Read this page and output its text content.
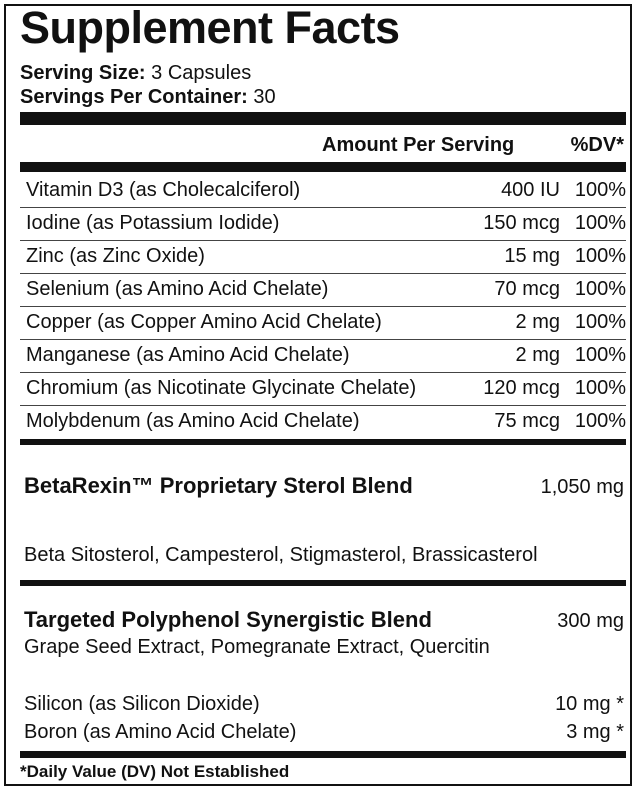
Supplement Facts
Serving Size: 3 Capsules
Servings Per Container: 30
Amount Per Serving	%DV*
Vitamin D3 (as Cholecalciferol)	400 IU 100%
Iodine (as Potassium Iodide)	150 mcg 100%
Zinc (as Zinc Oxide)	15 mg 100%
Selenium (as Amino Acid Chelate)	70 mcg 100%
Copper (as Copper Amino Acid Chelate)	2 mg 100%
Manganese (as Amino Acid Chelate)	2 mg 100%
Chromium (as Nicotinate Glycinate Chelate)	120 mcg 100%
Molybdenum (as Amino Acid Chelate)	75 mcg 100%
BetaRexin™ Proprietary Sterol Blend	1,050 mg
Beta Sitosterol, Campesterol, Stigmasterol, Brassicasterol
Targeted Polyphenol Synergistic Blend	300 mg
Grape Seed Extract, Pomegranate Extract, Quercitin
Silicon (as Silicon Dioxide)	10 mg *
Boron (as Amino Acid Chelate)	3 mg *
*Daily Value (DV) Not Established
